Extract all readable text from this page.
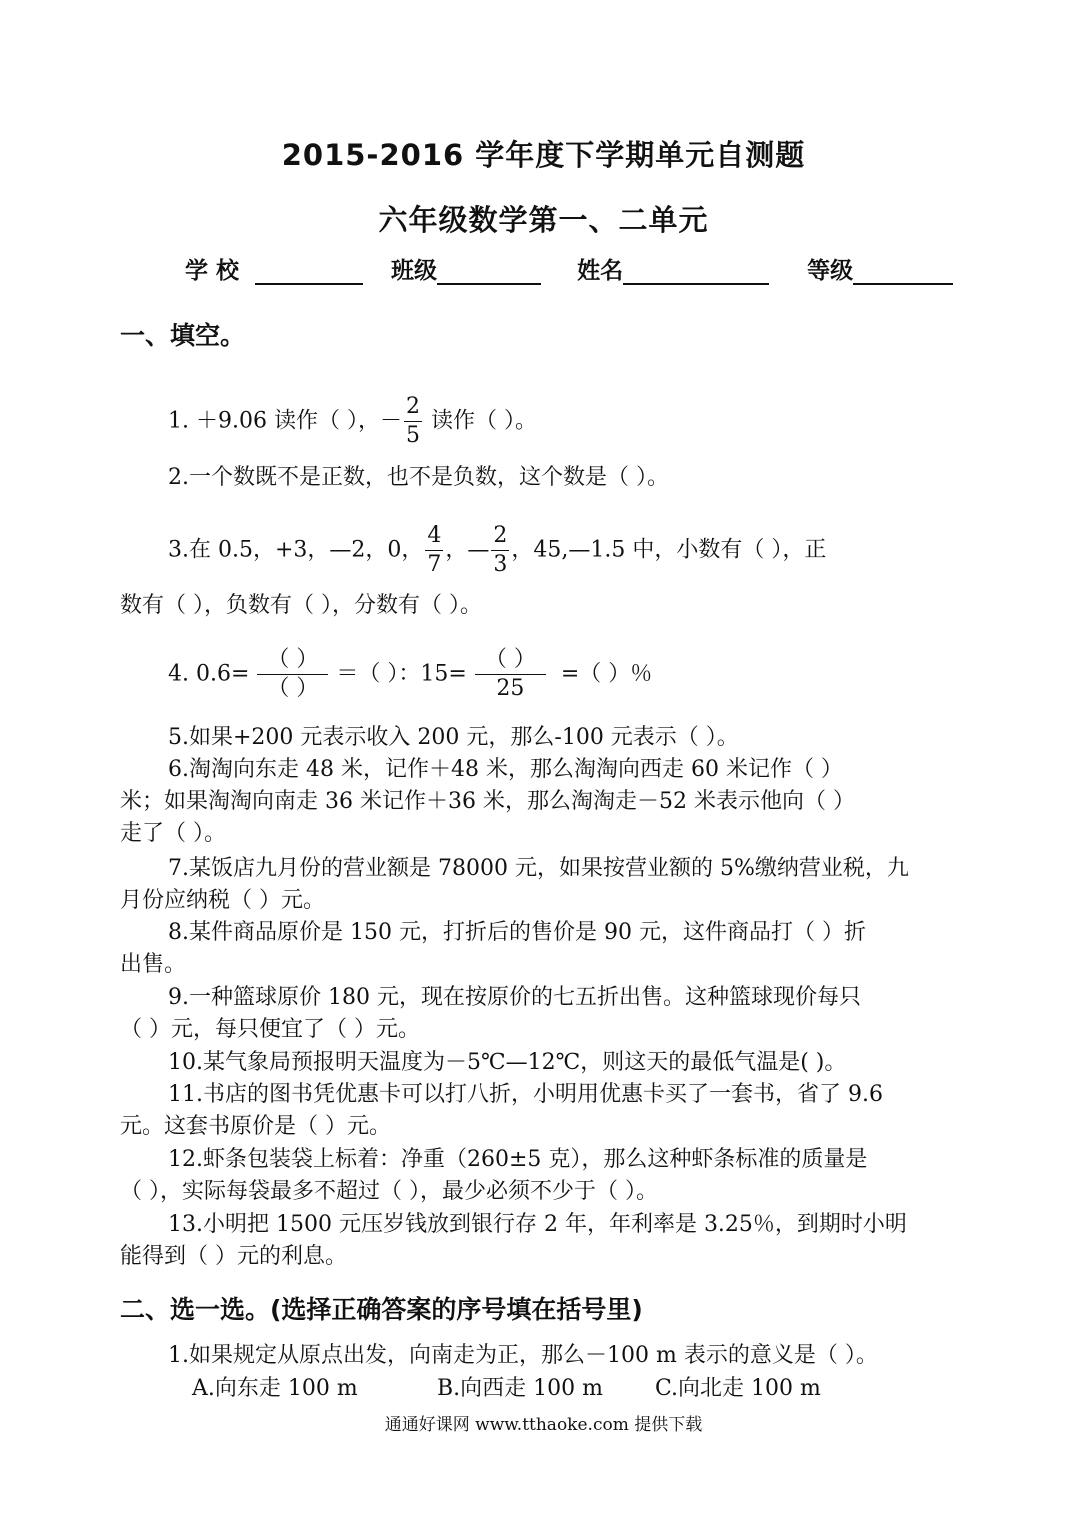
2015-2016 学年度下学期单元自测题
六年级数学第一、二单元
学 校	班级	姓名	等级
一、填空。
1. ＋9.06 读作（ ），－ $\frac{2}{5}$ 读作（ ）。
2.一个数既不是正数，也不是负数，这个数是（ ）。
3.在 0.5，+3，—2，0， $\frac{4}{7}$ ，— $\frac{2}{3}$ ，45,—1.5 中，小数有（ ），正
数有（ ），负数有（ ），分数有（ ）。
4. $0.6= \frac{( )}{( )}$ ＝（ ）：$15= \frac{( )}{25}$ =（ ）％
5.如果+200 元表示收入 200 元，那么-100 元表示（ ）。
6.淘淘向东走 48 米，记作＋48 米，那么淘淘向西走 60 米记作（ ）
米；如果淘淘向南走 36 米记作＋36 米，那么淘淘走－52 米表示他向（ ）
走了（ ）。
7.某饭店九月份的营业额是 78000 元，如果按营业额的 5%缴纳营业税，九
月份应纳税（ ）元。
8.某件商品原价是 150 元，打折后的售价是 90 元，这件商品打（ ）折
出售。
9.一种篮球原价 180 元，现在按原价的七五折出售。这种篮球现价每只
（ ）元，每只便宜了（ ）元。
10.某气象局预报明天温度为－5℃—12℃，则这天的最低气温是( )。
11.书店的图书凭优惠卡可以打八折，小明用优惠卡买了一套书，省了 9.6
元。这套书原价是（ ）元。
12.虾条包装袋上标着：净重（260±5 克），那么这种虾条标准的质量是
（ ），实际每袋最多不超过（ ），最少必须不少于（ ）。
13.小明把 1500 元压岁钱放到银行存 2 年，年利率是 3.25％，到期时小明
能得到（ ）元的利息。
二、选一选。(选择正确答案的序号填在括号里)
1.如果规定从原点出发，向南走为正，那么－100 m 表示的意义是（ ）。
A.向东走 100 m	B.向西走 100 m C.向北走 100 m
通通好课网 www.tthaoke.com 提供下载
